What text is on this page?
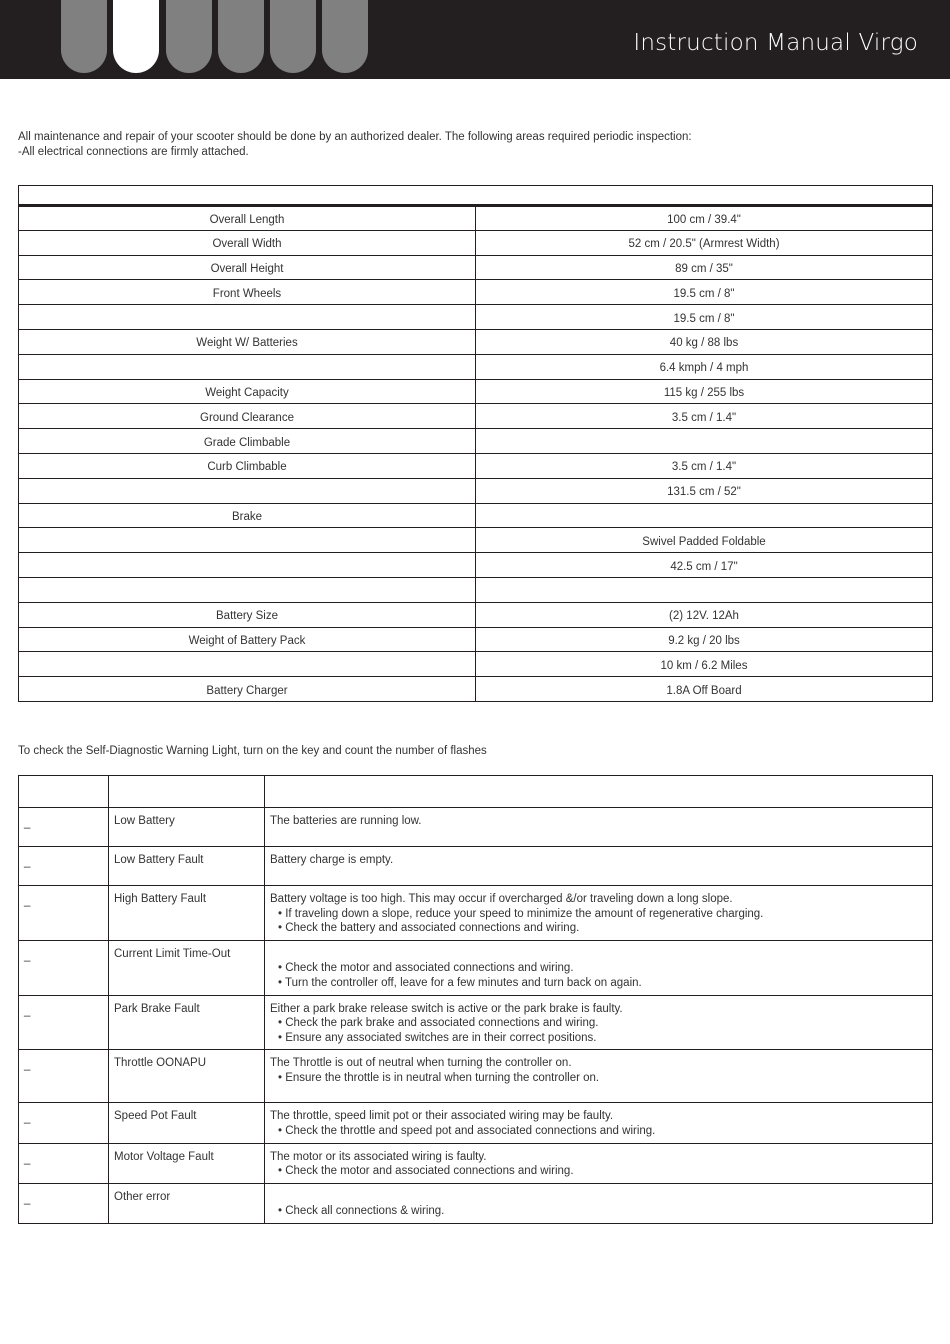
Instruction Manual Virgo

All maintenance and repair of your scooter should be done by an authorized dealer. The following areas required periodic inspection:

-All electrical connections are firmly attached.

Overall Length	100 cm / 39.4"
Overall Width	52 cm / 20.5" (Armrest Width)
Overall Height	89 cm / 35"
Front Wheels	19.5 cm / 8"
	19.5 cm / 8"
Weight W/ Batteries	40 kg / 88 lbs
	6.4 kmph / 4 mph
Weight Capacity	115 kg / 255 lbs
Ground Clearance	3.5 cm / 1.4"
Grade Climbable	
Curb Climbable	3.5 cm / 1.4"
	131.5 cm / 52"
Brake	
	Swivel Padded Foldable
	42.5 cm / 17"

Battery Size	(2) 12V. 12Ah
Weight of Battery Pack	9.2 kg / 20 lbs
	10 km / 6.2 Miles
Battery Charger	1.8A Off Board
To check the Self-Diagnostic Warning Light, turn on the key and count the number of flashes

_	Low Battery	The batteries are running low.

_	Low Battery Fault	Battery charge is empty.

_	High Battery Fault	Battery voltage is too high. This may occur if overcharged &/or traveling down a long slope.
• If traveling down a slope, reduce your speed to minimize the amount of regenerative charging.
• Check the battery and associated connections and wiring.

_	Current Limit Time-Out	• Check the motor and associated connections and wiring.
• Turn the controller off, leave for a few minutes and turn back on again.

_	Park Brake Fault	Either a park brake release switch is active or the park brake is faulty.
• Check the park brake and associated connections and wiring.
• Ensure any associated switches are in their correct positions.

_	Throttle OONAPU	The Throttle is out of neutral when turning the controller on.
• Ensure the throttle is in neutral when turning the controller on.

_	Speed Pot Fault	The throttle, speed limit pot or their associated wiring may be faulty.
• Check the throttle and speed pot and associated connections and wiring.

_	Motor Voltage Fault	The motor or its associated wiring is faulty.
• Check the motor and associated connections and wiring.

_	Other error	• Check all connections & wiring.
